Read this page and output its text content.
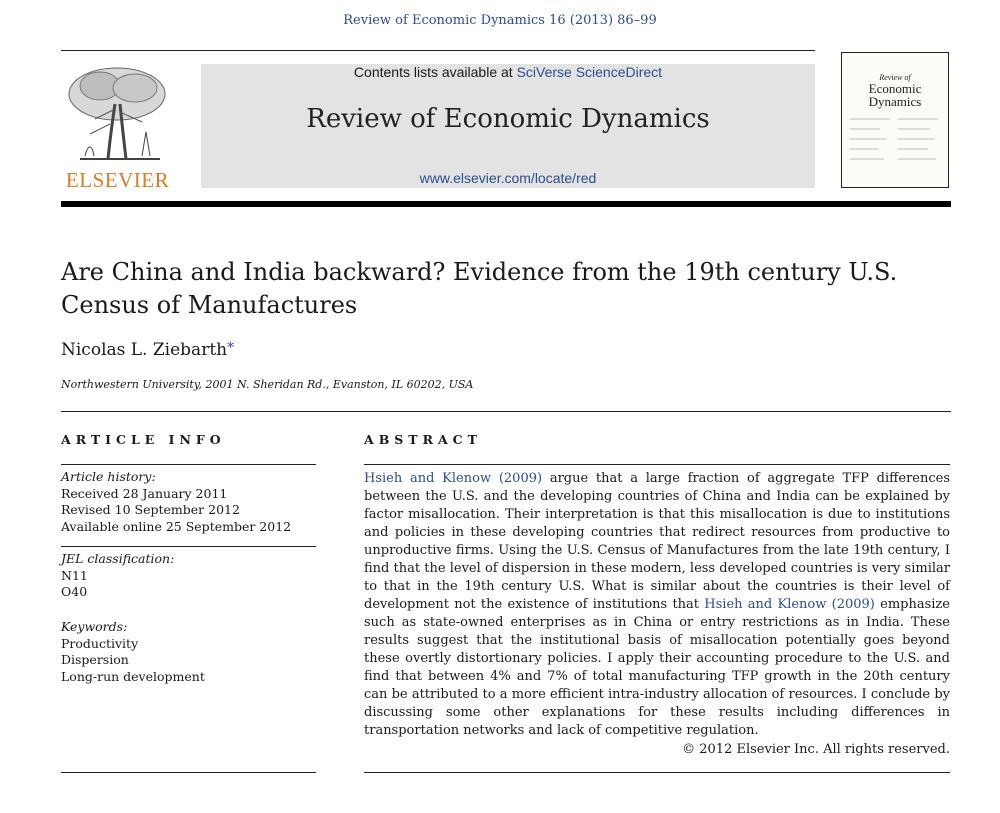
Review of Economic Dynamics 16 (2013) 86–99
ELSEVIER
Contents lists available at SciVerse ScienceDirect
Review of Economic Dynamics
www.elsevier.com/locate/red
Review of
Economic
Dynamics
Are China and India backward? Evidence from the 19th century U.S. Census of Manufactures
Nicolas L. Ziebarth*
Northwestern University, 2001 N. Sheridan Rd., Evanston, IL 60202, USA
ARTICLE INFO
Article history:
Received 28 January 2011
Revised 10 September 2012
Available online 25 September 2012
JEL classification:
N11
O40
Keywords:
Productivity
Dispersion
Long-run development
ABSTRACT
Hsieh and Klenow (2009) argue that a large fraction of aggregate TFP differences between the U.S. and the developing countries of China and India can be explained by factor misallocation. Their interpretation is that this misallocation is due to institutions and policies in these developing countries that redirect resources from productive to unproductive firms. Using the U.S. Census of Manufactures from the late 19th century, I find that the level of dispersion in these modern, less developed countries is very similar to that in the 19th century U.S. What is similar about the countries is their level of development not the existence of institutions that Hsieh and Klenow (2009) emphasize such as state-owned enterprises as in China or entry restrictions as in India. These results suggest that the institutional basis of misallocation potentially goes beyond these overtly distortionary policies. I apply their accounting procedure to the U.S. and find that between 4% and 7% of total manufacturing TFP growth in the 20th century can be attributed to a more efficient intra-industry allocation of resources. I conclude by discussing some other explanations for these results including differences in transportation networks and lack of competitive regulation.
© 2012 Elsevier Inc. All rights reserved.
